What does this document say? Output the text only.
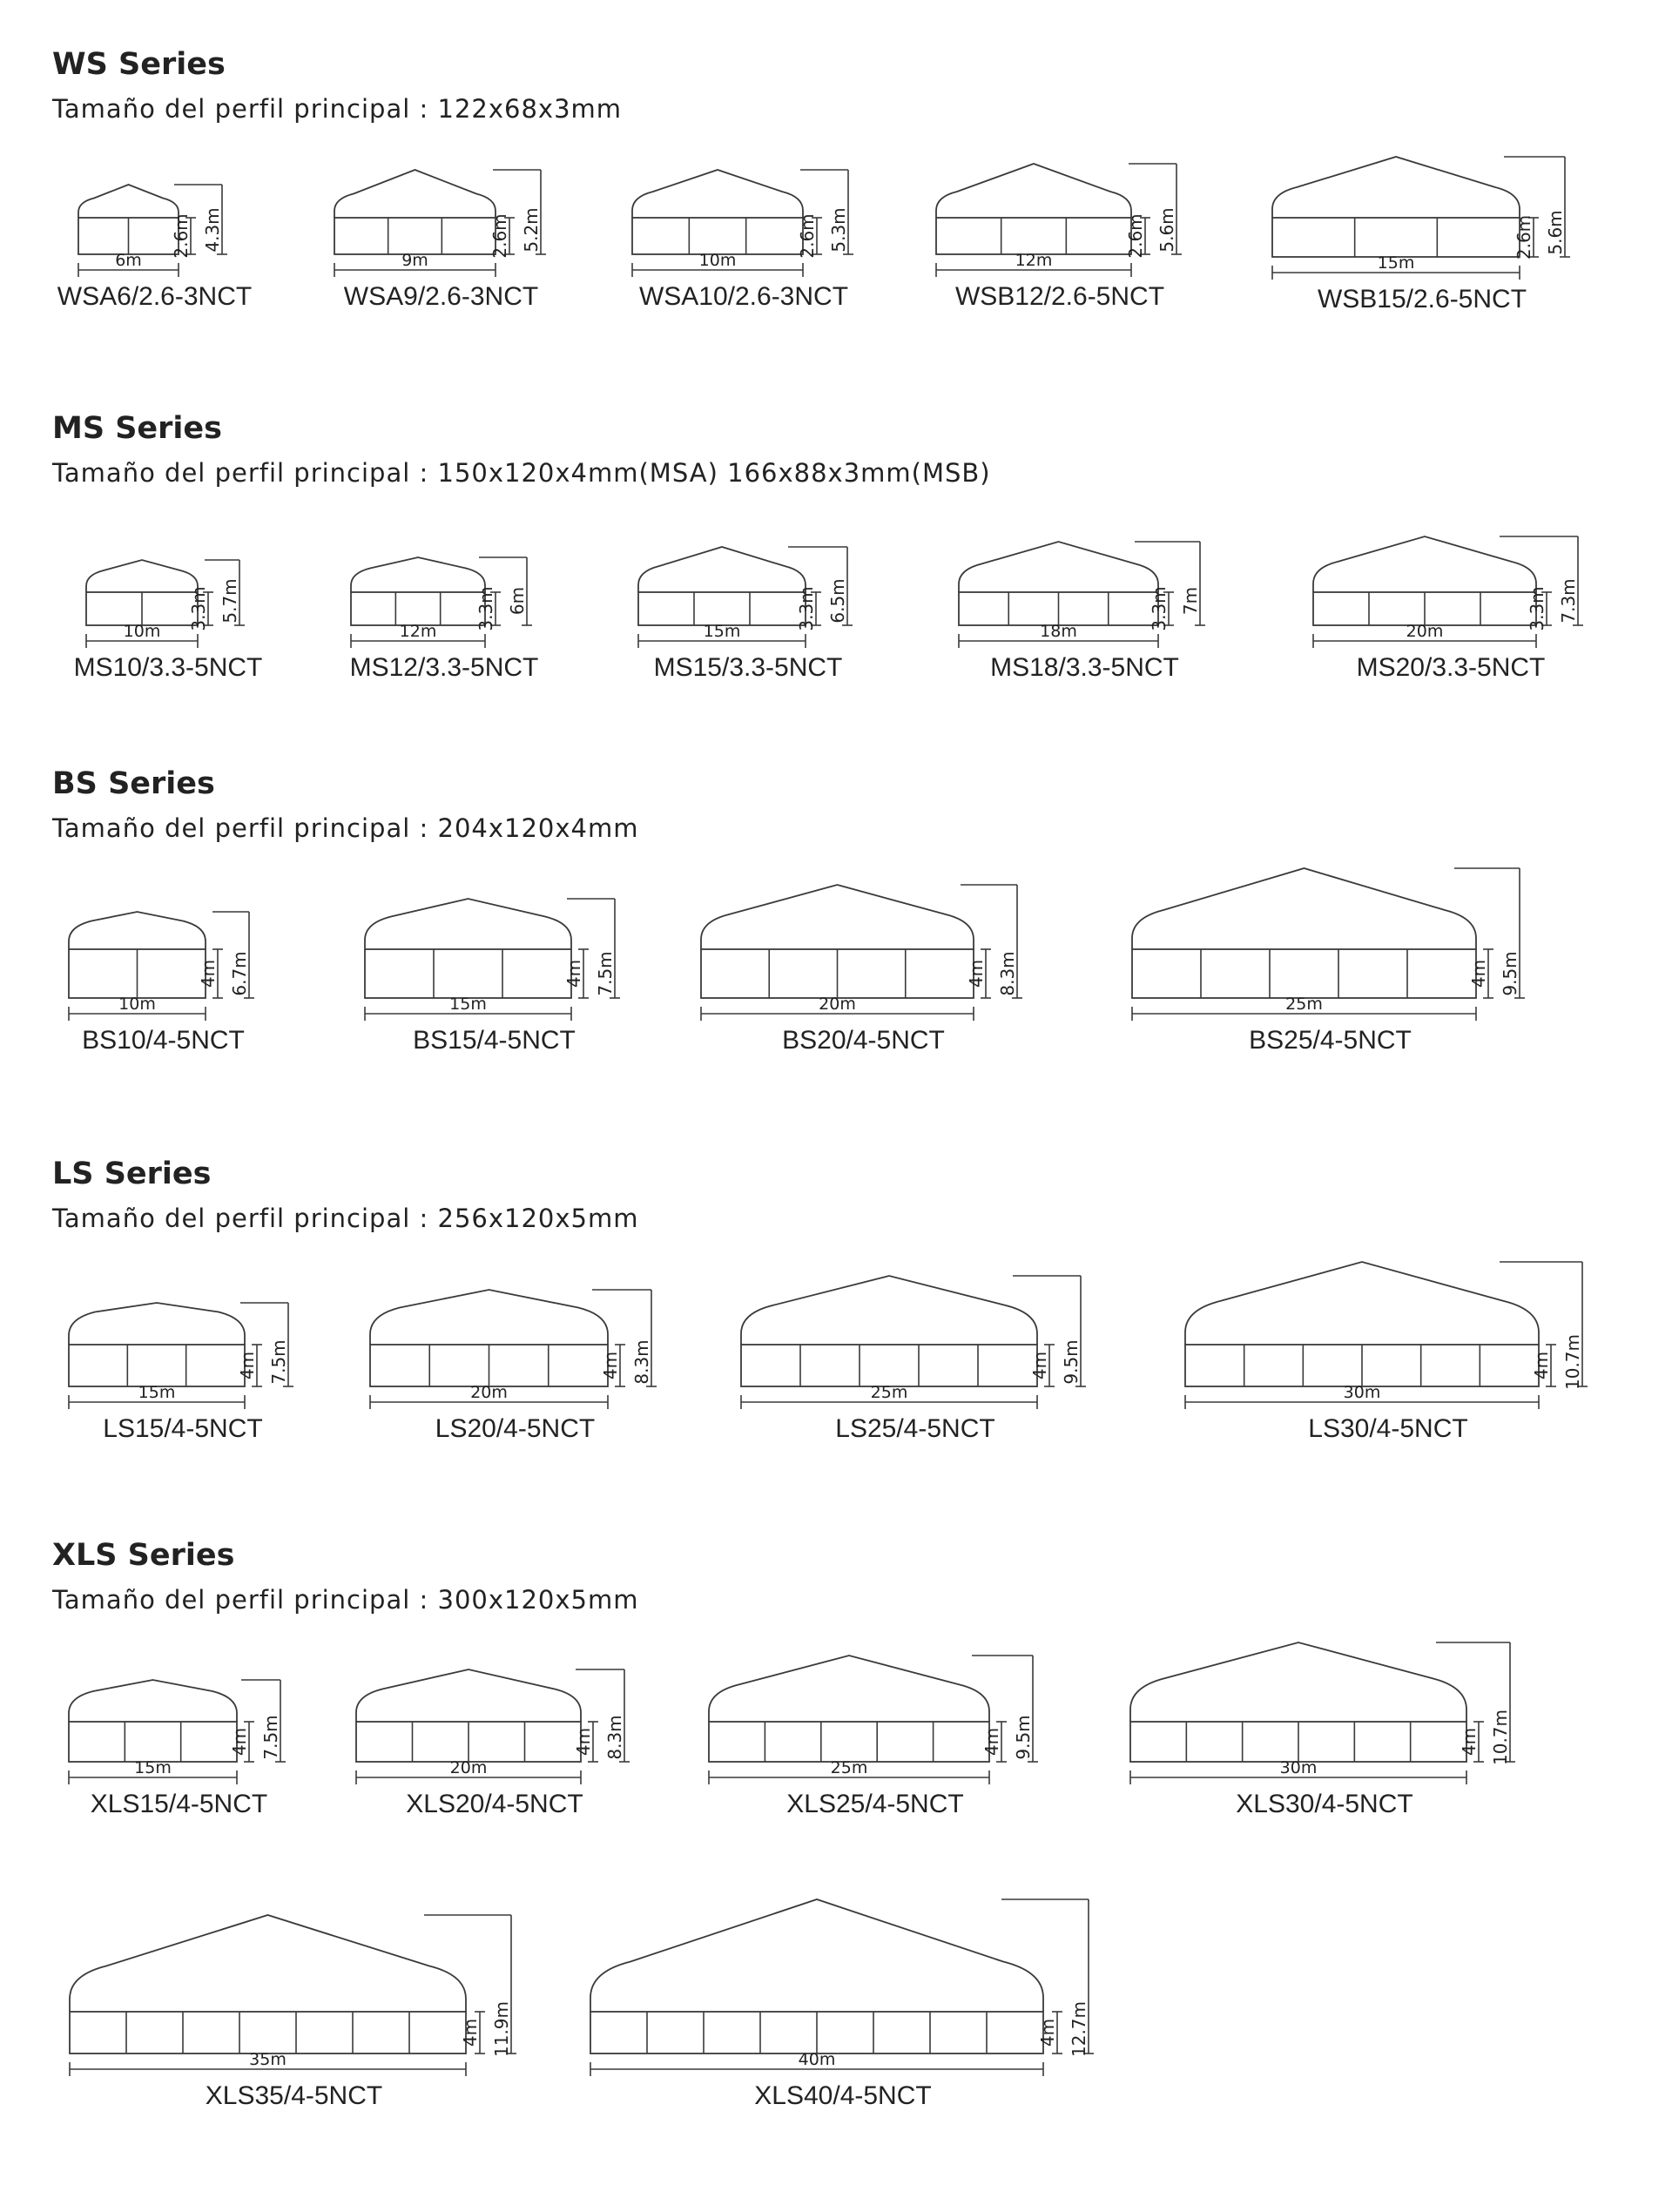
WS Series

Tamaño del perfil principal : 122x68x3mm

MS Series

Tamaño del perfil principal : 150x120x4mm(MSA) 166x88x3mm(MSB)

BS Series

Tamaño del perfil principal : 204x120x4mm

LS Series

Tamaño del perfil principal : 256x120x5mm

XLS Series

Tamaño del perfil principal : 300x120x5mm

6m
2.6m 4.3m
WSA6/2.6-3NCT
9m
2.6m 5.2m
WSA9/2.6-3NCT
10m
2.6m 5.3m
WSA10/2.6-3NCT
12m
2.6m 5.6m
WSB12/2.6-5NCT
15m
2.6m 5.6m
WSB15/2.6-5NCT
10m
3.3m 5.7m
MS10/3.3-5NCT
12m
3.3m 6m
MS12/3.3-5NCT
15m
3.3m 6.5m
MS15/3.3-5NCT
18m
3.3m 7m
MS18/3.3-5NCT
20m
3.3m 7.3m
MS20/3.3-5NCT
10m
4m 6.7m
BS10/4-5NCT
15m
4m 7.5m
BS15/4-5NCT
20m
4m 8.3m
BS20/4-5NCT
25m
4m 9.5m
BS25/4-5NCT
15m
4m 7.5m
LS15/4-5NCT
20m
4m 8.3m
LS20/4-5NCT
25m
4m 9.5m
LS25/4-5NCT
30m
4m 10.7m
LS30/4-5NCT
15m
4m 7.5m
XLS15/4-5NCT
20m
4m 8.3m
XLS20/4-5NCT
25m
4m 9.5m
XLS25/4-5NCT
30m
4m 10.7m
XLS30/4-5NCT
35m
4m 11.9m
XLS35/4-5NCT
40m
4m 12.7m
XLS40/4-5NCT
